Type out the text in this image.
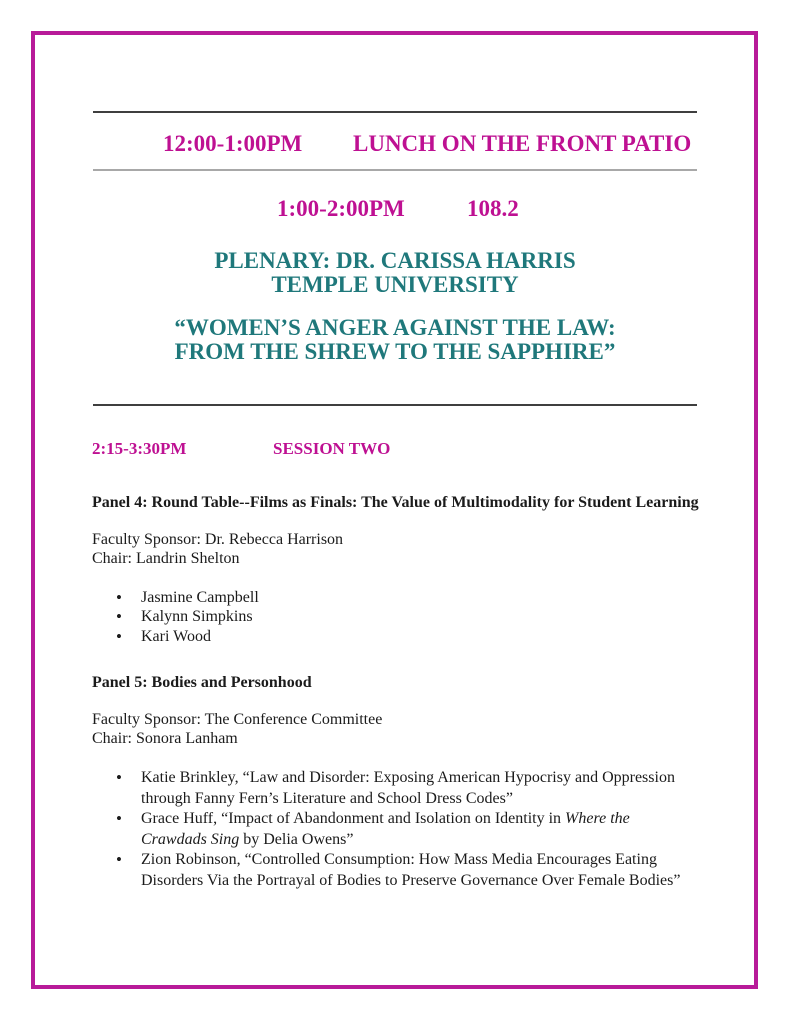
12:00-1:00PM LUNCH ON THE FRONT PATIO
1:00-2:00PM	108.2
PLENARY: DR. CARISSA HARRIS
TEMPLE UNIVERSITY
“WOMEN’S ANGER AGAINST THE LAW:
FROM THE SHREW TO THE SAPPHIRE”
2:15-3:30PM	SESSION TWO
Panel 4: Round Table--Films as Finals: The Value of Multimodality for Student Learning
Faculty Sponsor: Dr. Rebecca Harrison
Chair: Landrin Shelton
• Jasmine Campbell
• Kalynn Simpkins
• Kari Wood
Panel 5: Bodies and Personhood
Faculty Sponsor: The Conference Committee
Chair: Sonora Lanham
• Katie Brinkley, “Law and Disorder: Exposing American Hypocrisy and Oppression through Fanny Fern’s Literature and School Dress Codes”
• Grace Huff, “Impact of Abandonment and Isolation on Identity in Where the Crawdads Sing by Delia Owens”
• Zion Robinson, “Controlled Consumption: How Mass Media Encourages Eating Disorders Via the Portrayal of Bodies to Preserve Governance Over Female Bodies”
